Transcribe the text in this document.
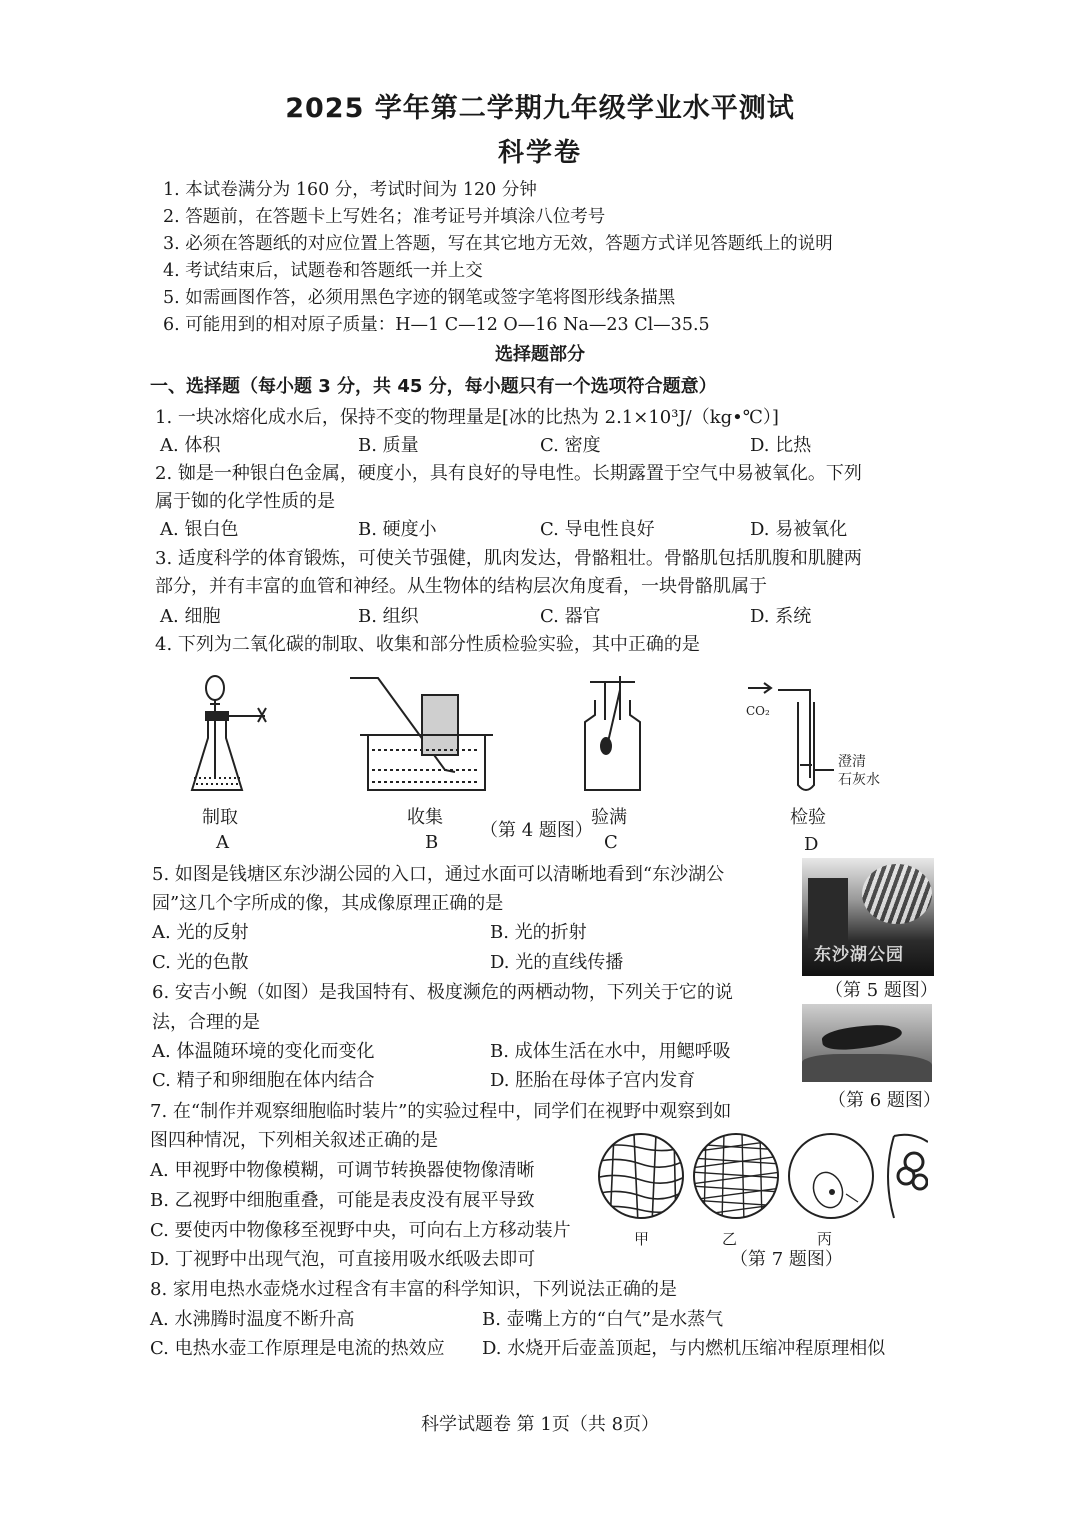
2025 学年第二学期九年级学业水平测试
科学卷
1. 本试卷满分为 160 分，考试时间为 120 分钟
2. 答题前，在答题卡上写姓名；准考证号并填涂八位考号
3. 必须在答题纸的对应位置上答题，写在其它地方无效，答题方式详见答题纸上的说明
4. 考试结束后，试题卷和答题纸一并上交
5. 如需画图作答，必须用黑色字迹的钢笔或签字笔将图形线条描黑
6. 可能用到的相对原子质量：H—1 C—12 O—16 Na—23 Cl—35.5
选择题部分
一、选择题（每小题 3 分，共 45 分，每小题只有一个选项符合题意）
1. 一块冰熔化成水后，保持不变的物理量是[冰的比热为 2.1×10³J/（kg•℃）]
A. 体积	B. 质量	C. 密度	D. 比热
2. 铷是一种银白色金属，硬度小，具有良好的导电性。长期露置于空气中易被氧化。下列
属于铷的化学性质的是
A. 银白色	B. 硬度小	C. 导电性良好	D. 易被氧化
3. 适度科学的体育锻炼，可使关节强健，肌肉发达，骨骼粗壮。骨骼肌包括肌腹和肌腱两
部分，并有丰富的血管和神经。从生物体的结构层次角度看，一块骨骼肌属于
A. 细胞	B. 组织	C. 器官	D. 系统
4. 下列为二氧化碳的制取、收集和部分性质检验实验，其中正确的是
CO₂
澄清
石灰水
制取	收集	验满	检验
A	B	C	D
（第 4 题图）
5. 如图是钱塘区东沙湖公园的入口，通过水面可以清晰地看到“东沙湖公
园”这几个字所成的像，其成像原理正确的是
A. 光的反射	B. 光的折射
C. 光的色散	D. 光的直线传播	东沙湖公园
（第 5 题图）
6. 安吉小鲵（如图）是我国特有、极度濒危的两栖动物，下列关于它的说
法，合理的是
A. 体温随环境的变化而变化	B. 成体生活在水中，用鳃呼吸
C. 精子和卵细胞在体内结合	D. 胚胎在母体子宫内发育
（第 6 题图）
7. 在“制作并观察细胞临时装片”的实验过程中，同学们在视野中观察到如
图四种情况，下列相关叙述正确的是
A. 甲视野中物像模糊，可调节转换器使物像清晰
B. 乙视野中细胞重叠，可能是表皮没有展平导致
C. 要使丙中物像移至视野中央，可向右上方移动装片
D. 丁视野中出现气泡，可直接用吸水纸吸去即可
甲	乙	丙
（第 7 题图）
8. 家用电热水壶烧水过程含有丰富的科学知识，下列说法正确的是
A. 水沸腾时温度不断升高	B. 壶嘴上方的“白气”是水蒸气
C. 电热水壶工作原理是电流的热效应 D. 水烧开后壶盖顶起，与内燃机压缩冲程原理相似
科学试题卷 第 1页（共 8页）
